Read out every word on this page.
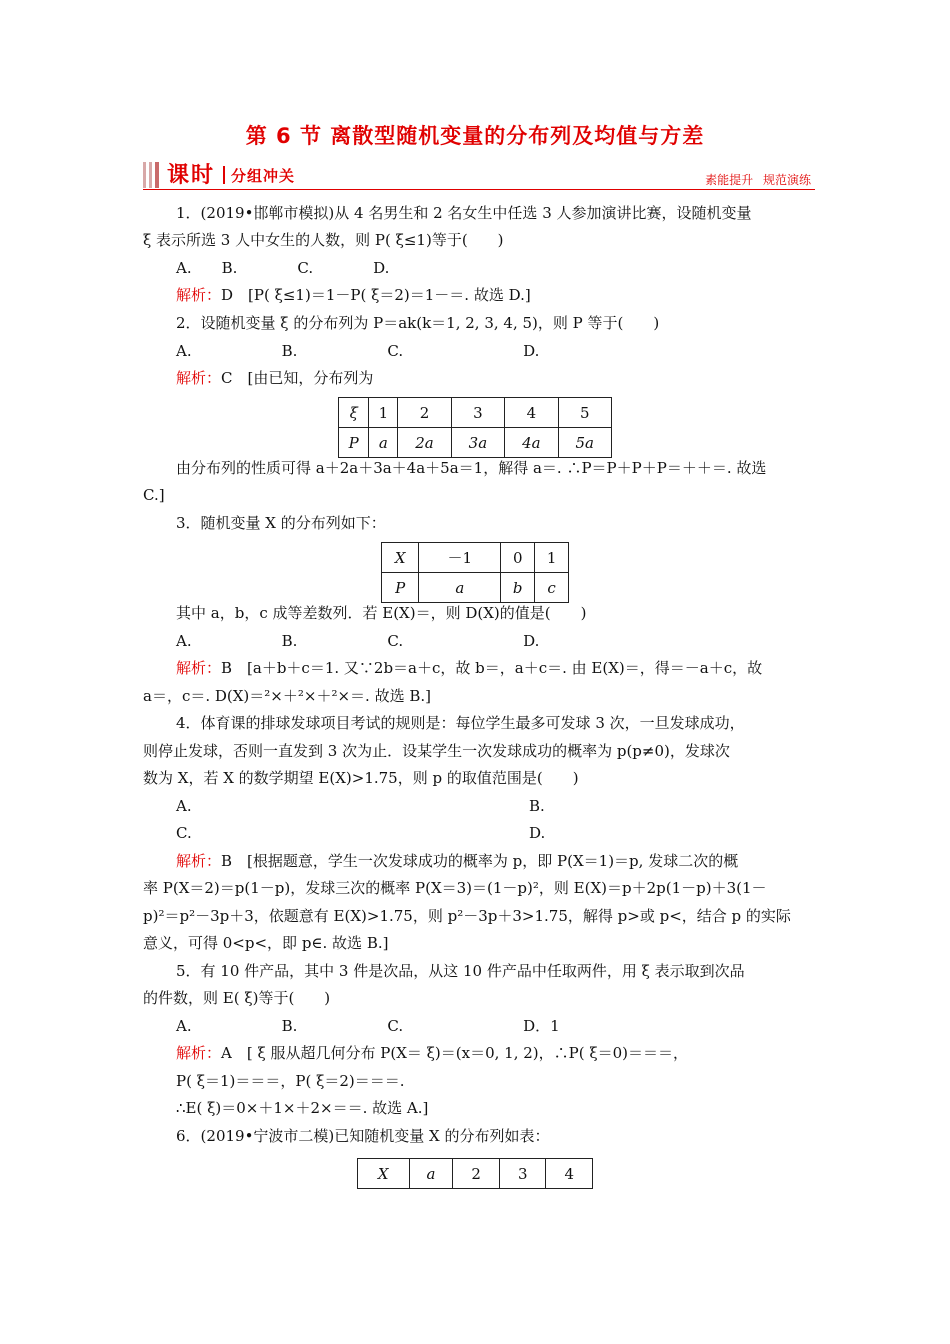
第 6 节 离散型随机变量的分布列及均值与方差
课时 分组冲关	素能提升 规范演练
1．(2019•邯郸市模拟)从 4 名男生和 2 名女生中任选 3 人参加演讲比赛，设随机变量
ξ 表示所选 3 人中女生的人数，则 P( ξ≤1)等于(　　)
A.　　B.　　　　C.　　　　D.
解析：D　[P( ξ≤1)＝1－P( ξ＝2)＝1－＝. 故选 D.]
2．设随机变量 ξ 的分布列为 P＝ak(k＝1, 2, 3, 4, 5)，则 P 等于(　　)
A.　　　　　　B.　　　　　　C.　　　　　　　　D.
解析：C　[由已知，分布列为
ξ	1	2	3	4	5
P	a	2a	3a	4a	5a
由分布列的性质可得 a＋2a＋3a＋4a＋5a＝1，解得 a＝. ∴P＝P＋P＋P＝＋＋＝. 故选
C.]
3．随机变量 X 的分布列如下：
X	－1	0	1
P	a	b	c
其中 a，b，c 成等差数列．若 E(X)＝，则 D(X)的值是(　　)
A.　　　　　　B.　　　　　　C.　　　　　　　　D.
解析：B　[a＋b＋c＝1. 又∵2b＝a＋c，故 b＝，a＋c＝. 由 E(X)＝，得＝－a＋c，故
a＝，c＝. D(X)＝²×＋²×＋²×＝. 故选 B.]
4．体育课的排球发球项目考试的规则是：每位学生最多可发球 3 次，一旦发球成功，
则停止发球，否则一直发到 3 次为止．设某学生一次发球成功的概率为 p(p≠0)，发球次
数为 X，若 X 的数学期望 E(X)>1.75，则 p 的取值范围是(　　)
A.	B.
C.	D.
解析：B　[根据题意，学生一次发球成功的概率为 p，即 P(X＝1)＝p, 发球二次的概
率 P(X＝2)＝p(1－p)，发球三次的概率 P(X＝3)＝(1－p)²，则 E(X)＝p＋2p(1－p)＋3(1－
p)²＝p²－3p＋3，依题意有 E(X)>1.75，则 p²－3p＋3>1.75，解得 p>或 p<，结合 p 的实际
意义，可得 0<p<，即 p∈. 故选 B.]
5．有 10 件产品，其中 3 件是次品，从这 10 件产品中任取两件，用 ξ 表示取到次品
的件数，则 E( ξ)等于(　　)
A.　　　　　　B.　　　　　　C.　　　　　　　　D．1
解析：A　[ ξ 服从超几何分布 P(X＝ ξ)＝(x＝0, 1, 2)，∴P( ξ＝0)＝＝＝，
P( ξ＝1)＝＝＝，P( ξ＝2)＝＝＝.
∴E( ξ)＝0×＋1×＋2×＝＝. 故选 A.]
6．(2019•宁波市二模)已知随机变量 X 的分布列如表：
X	a	2	3	4
